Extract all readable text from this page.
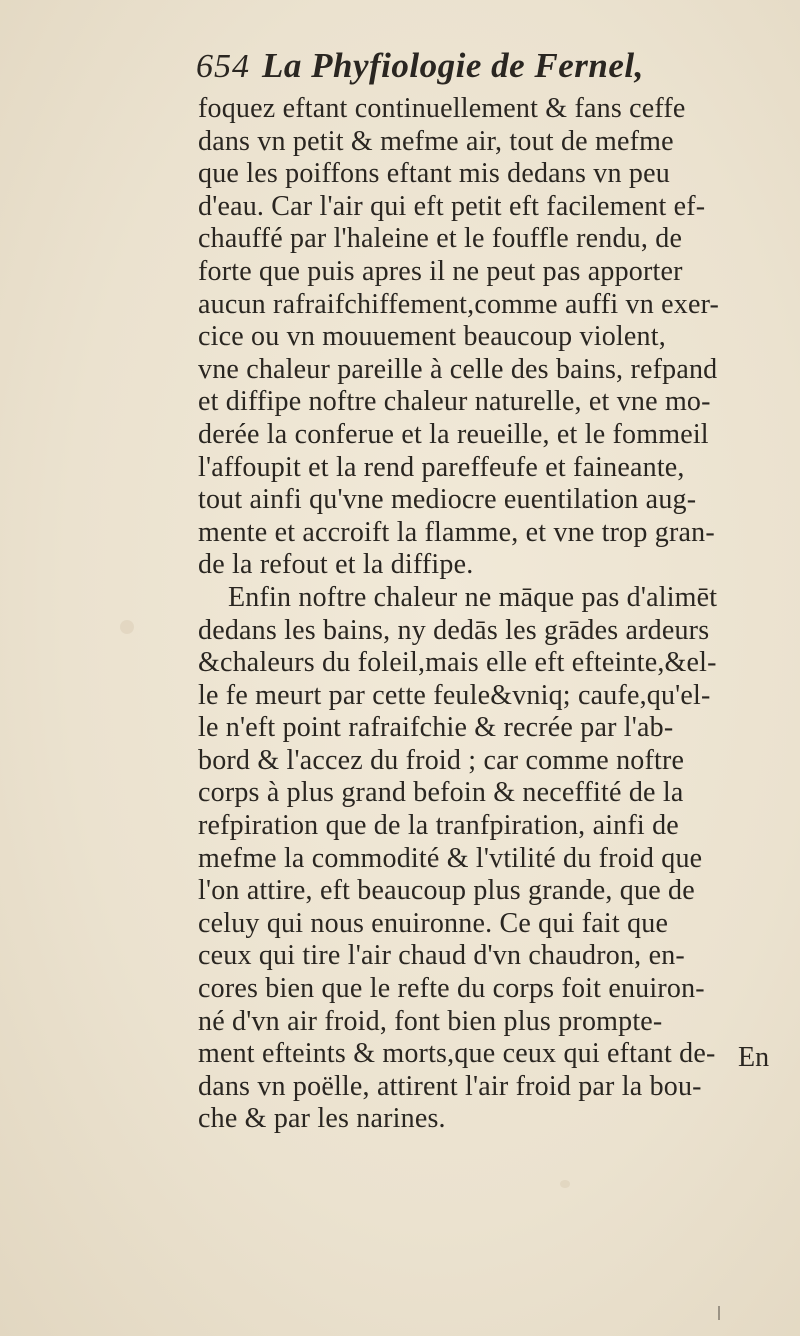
654 La Phyfiologie de Fernel,
foquez eftant continuellement & fans ceffe
dans vn petit & mefme air, tout de mefme
que les poiffons eftant mis dedans vn peu
d'eau. Car l'air qui eft petit eft facilement ef-
chauffé par l'haleine et le fouffle rendu, de
forte que puis apres il ne peut pas apporter
aucun rafraifchiffement,comme auffi vn exer-
cice ou vn mouuement beaucoup violent,
vne chaleur pareille à celle des bains, refpand
et diffipe noftre chaleur naturelle, et vne mo-
derée la conferue et la reueille, et le fommeil
l'affoupit et la rend pareffeufe et faineante,
tout ainfi qu'vne mediocre euentilation aug-
mente et accroift la flamme, et vne trop gran-
de la refout et la diffipe.
Enfin noftre chaleur ne māque pas d'alimēt
dedans les bains, ny dedās les grādes ardeurs
&chaleurs du foleil,mais elle eft efteinte,&el-
le fe meurt par cette feule&vniq; caufe,qu'el-
le n'eft point rafraifchie & recrée par l'ab-
bord & l'accez du froid ; car comme noftre
corps à plus grand befoin & neceffité de la
refpiration que de la tranfpiration, ainfi de
mefme la commodité & l'vtilité du froid que
l'on attire, eft beaucoup plus grande, que de
celuy qui nous enuironne. Ce qui fait que
ceux qui tire l'air chaud d'vn chaudron, en-
cores bien que le refte du corps foit enuiron-
né d'vn air froid, font bien plus prompte-
ment efteints & morts,que ceux qui eftant de-
dans vn poëlle, attirent l'air froid par la bou-
che & par les narines.
En
